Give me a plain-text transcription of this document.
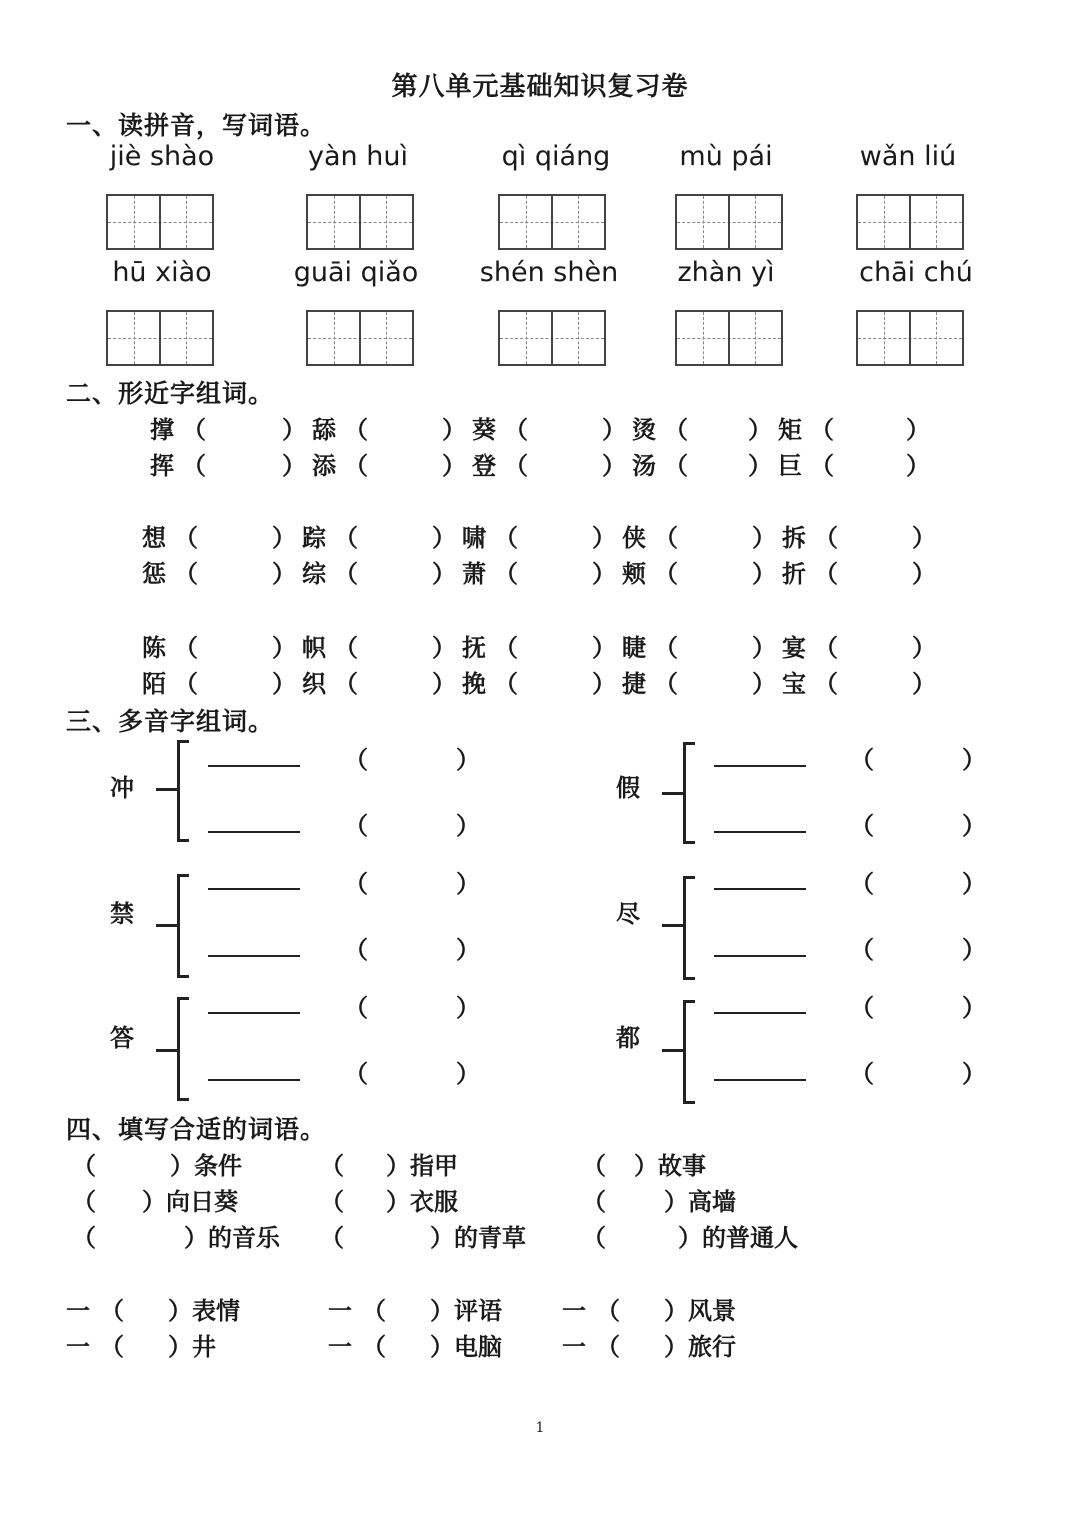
第八单元基础知识复习卷
一、读拼音，写词语。
jiè shào	yàn huì	qì qiáng	mù pái	wǎn liú
hū xiào	guāi qiǎo	shén shèn	zhàn yì	chāi chú
二、形近字组词。
撑	舔	葵	烫	矩
（	） （	） （	） （	） （	）
挥	添	登	汤	巨
（	） （	） （	） （	） （	）
想	踪	啸	侠	拆
（	） （	） （	） （	） （	）
惩	综	萧	颊	折
（	） （	） （	） （	） （	）
陈	帜	抚	睫	宴
（	） （	） （	） （	） （	）
陌	织	挽	捷	宝
（	） （	） （	） （	） （	）
三、多音字组词。
冲
（	）
（	）
禁
（	）
（	）
答
（	）
（	）
假
（	）
（	）
尽
（	）
（	）
都
（	）
（	）
四、填写合适的词语。
（	）条件	（ ）指甲	（ ）故事
（ ）向日葵	（ ）衣服	（ ）高墙
（	）的音乐 （	）的青草 （	）的普通人
一 （ ）表情	一 （ ）评语	一 （ ）风景
一 （ ）井	一 （ ）电脑	一 （ ）旅行
1
